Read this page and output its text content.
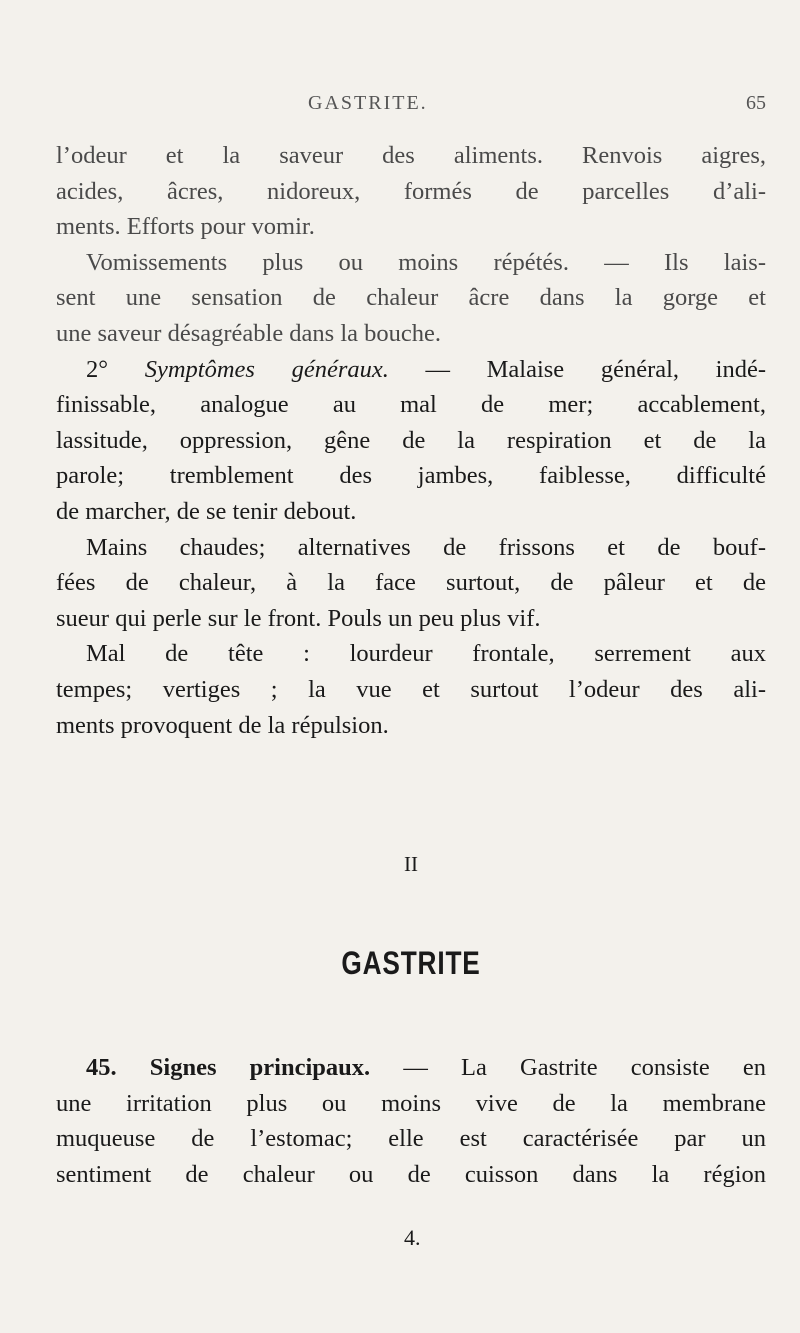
GASTRITE.	65
l’odeur et la saveur des aliments. Renvois aigres,
acides, âcres, nidoreux, formés de parcelles d’ali-
ments. Efforts pour vomir.
Vomissements plus ou moins répétés. — Ils lais-
sent une sensation de chaleur âcre dans la gorge et
une saveur désagréable dans la bouche.
2° Symptômes généraux. — Malaise général, indé-
finissable, analogue au mal de mer; accablement,
lassitude, oppression, gêne de la respiration et de la
parole; tremblement des jambes, faiblesse, difficulté
de marcher, de se tenir debout.
Mains chaudes; alternatives de frissons et de bouf-
fées de chaleur, à la face surtout, de pâleur et de
sueur qui perle sur le front. Pouls un peu plus vif.
Mal de tête : lourdeur frontale, serrement aux
tempes; vertiges ; la vue et surtout l’odeur des ali-
ments provoquent de la répulsion.
II
GASTRITE
45. Signes principaux. — La Gastrite consiste en
une irritation plus ou moins vive de la membrane
muqueuse de l’estomac; elle est caractérisée par un
sentiment de chaleur ou de cuisson dans la région
4.
